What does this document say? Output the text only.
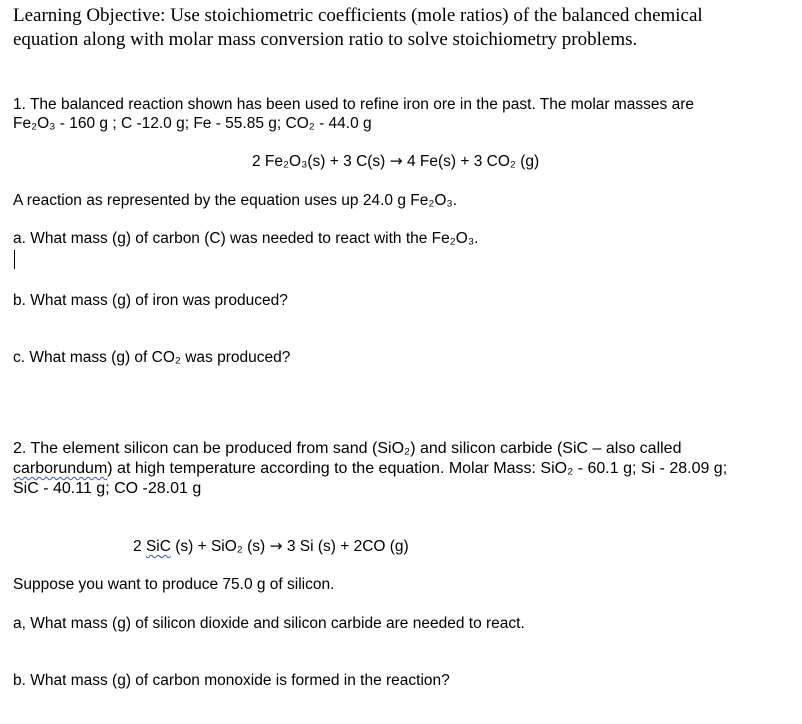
Learning Objective: Use stoichiometric coefficients (mole ratios) of the balanced chemical
equation along with molar mass conversion ratio to solve stoichiometry problems.
1. The balanced reaction shown has been used to refine iron ore in the past. The molar masses are
Fe₂O₃ - 160 g ; C -12.0 g; Fe - 55.85 g; CO₂ - 44.0 g
2 Fe₂O₃(s) + 3 C(s) → 4 Fe(s) + 3 CO₂ (g)
A reaction as represented by the equation uses up 24.0 g Fe₂O₃.
a. What mass (g) of carbon (C) was needed to react with the Fe₂O₃.
b. What mass (g) of iron was produced?
c. What mass (g) of CO₂ was produced?
2. The element silicon can be produced from sand (SiO₂) and silicon carbide (SiC – also called
carborundum) at high temperature according to the equation. Molar Mass: SiO₂ - 60.1 g; Si - 28.09 g;
SiC - 40.11 g; CO -28.01 g
2 SiC (s) + SiO₂ (s) → 3 Si (s) + 2CO (g)
Suppose you want to produce 75.0 g of silicon.
a, What mass (g) of silicon dioxide and silicon carbide are needed to react.
b. What mass (g) of carbon monoxide is formed in the reaction?
